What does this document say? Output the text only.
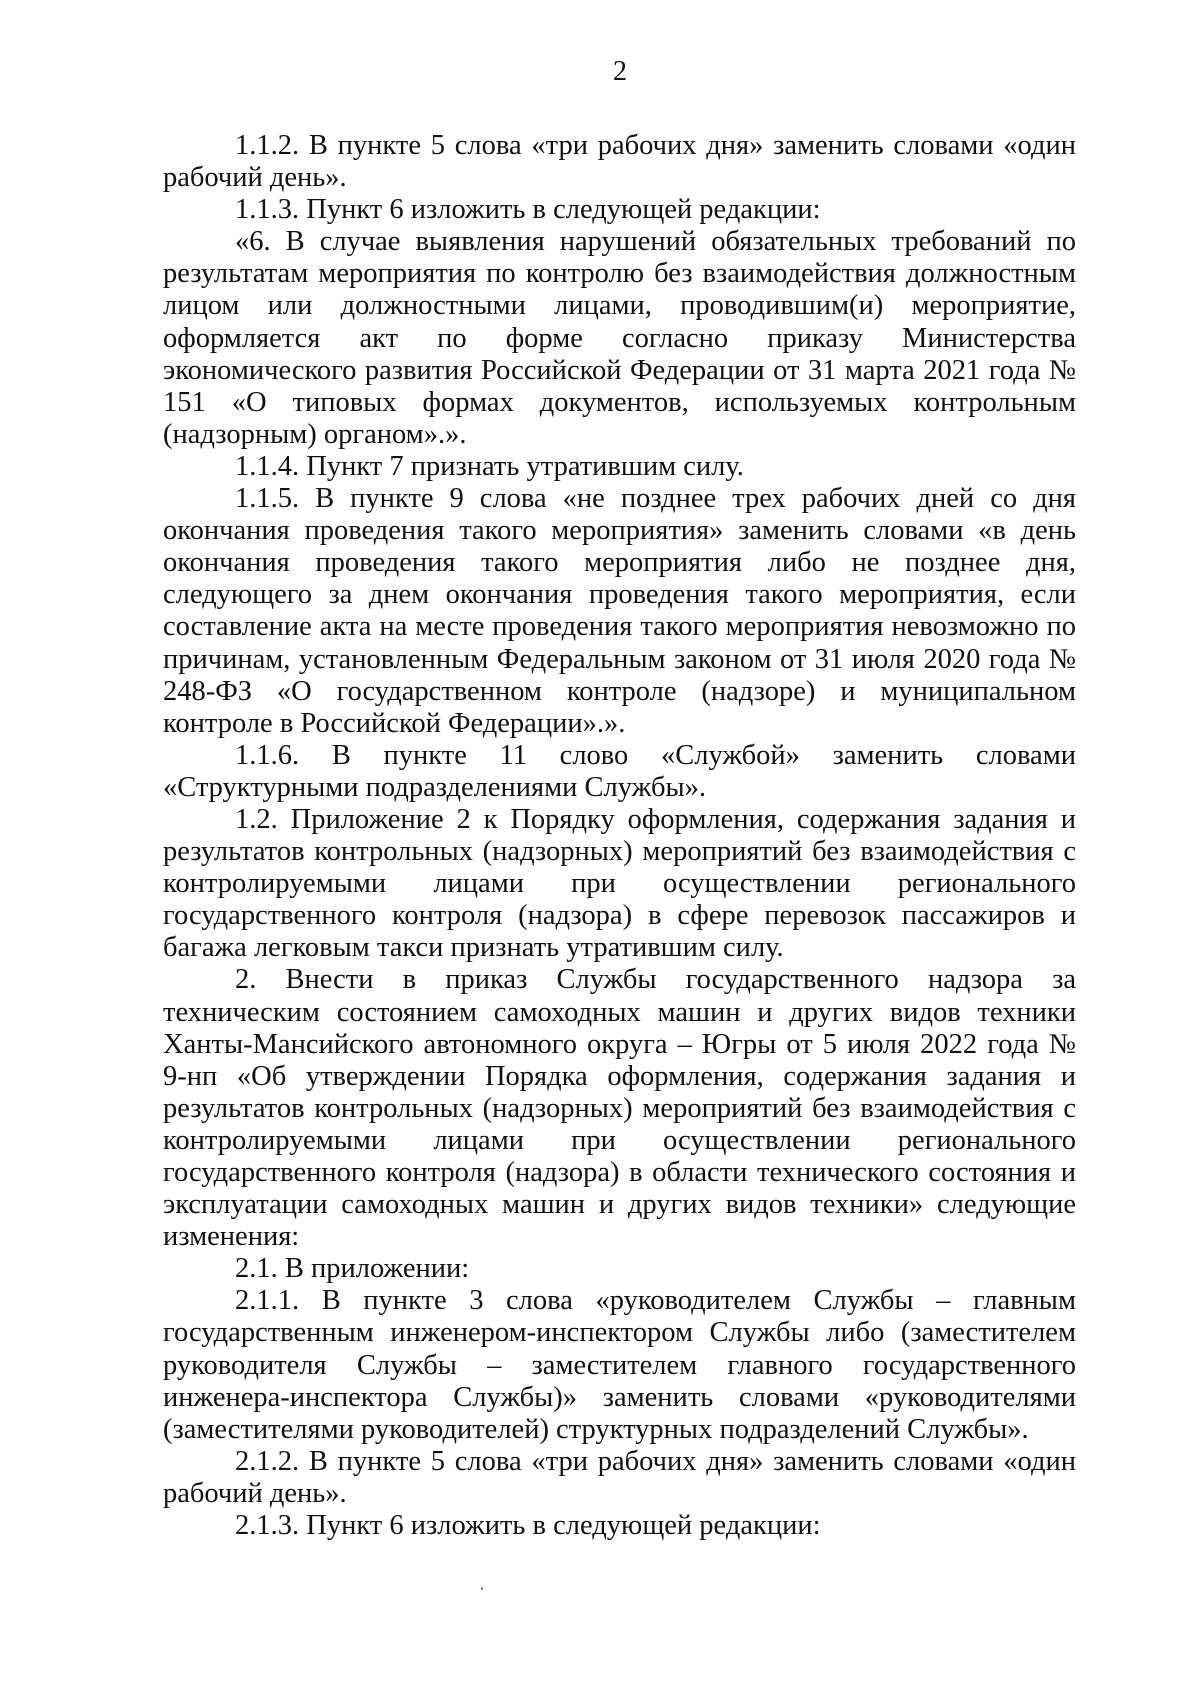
2

1.1.2. В пункте 5 слова «три рабочих дня» заменить словами «один рабочий день».

1.1.3. Пункт 6 изложить в следующей редакции:

«6. В случае выявления нарушений обязательных требований по результатам мероприятия по контролю без взаимодействия должностным лицом или должностными лицами, проводившим(и) мероприятие, оформляется акт по форме согласно приказу Министерства экономического развития Российской Федерации от 31 марта 2021 года № 151 «О типовых формах документов, используемых контрольным (надзорным) органом».».

1.1.4. Пункт 7 признать утратившим силу.

1.1.5. В пункте 9 слова «не позднее трех рабочих дней со дня окончания проведения такого мероприятия» заменить словами «в день окончания проведения такого мероприятия либо не позднее дня, следующего за днем окончания проведения такого мероприятия, если составление акта на месте проведения такого мероприятия невозможно по причинам, установленным Федеральным законом от 31 июля 2020 года № 248-ФЗ «О государственном контроле (надзоре) и муниципальном контроле в Российской Федерации».».

1.1.6. В пункте 11 слово «Службой» заменить словами «Структурными подразделениями Службы».

1.2. Приложение 2 к Порядку оформления, содержания задания и результатов контрольных (надзорных) мероприятий без взаимодействия с контролируемыми лицами при осуществлении регионального государственного контроля (надзора) в сфере перевозок пассажиров и багажа легковым такси признать утратившим силу.

2. Внести в приказ Службы государственного надзора за техническим состоянием самоходных машин и других видов техники Ханты-Мансийского автономного округа – Югры от 5 июля 2022 года № 9-нп «Об утверждении Порядка оформления, содержания задания и результатов контрольных (надзорных) мероприятий без взаимодействия с контролируемыми лицами при осуществлении регионального государственного контроля (надзора) в области технического состояния и эксплуатации самоходных машин и других видов техники» следующие изменения:

2.1. В приложении:

2.1.1. В пункте 3 слова «руководителем Службы – главным государственным инженером-инспектором Службы либо (заместителем руководителя Службы – заместителем главного государственного инженера-инспектора Службы)» заменить словами «руководителями (заместителями руководителей) структурных подразделений Службы».

2.1.2. В пункте 5 слова «три рабочих дня» заменить словами «один рабочий день».

2.1.3. Пункт 6 изложить в следующей редакции:
